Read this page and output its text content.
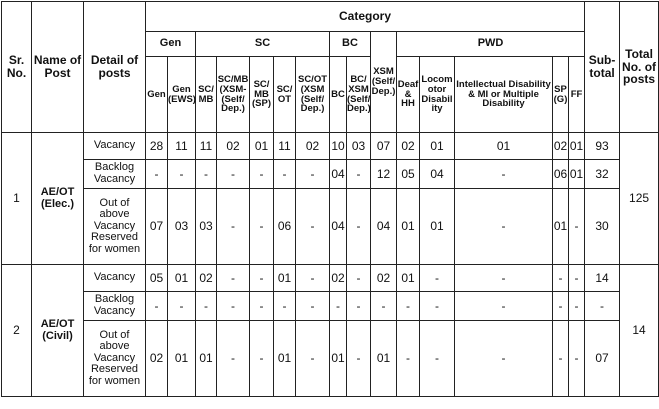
Sr. No.	Name of Post	Detail of posts	Category															Sub-total	Total No. of posts
			Gen		SC					BC		XSM (Self/ Dep.)	PWD						
			Gen	Gen (EWS)	SC/ MB	SC/MB (XSM- (Self/ Dep.)	SC/ MB (SP)	SC/ OT	SC/OT (XSM (Self/ Dep.)	BC	BC/ XSM (Self/ Dep.)		Deaf & HH	Locom otor Disabil ity	Intellectual Disability & MI or Multiple Disability	SP (G)	FF		
1	AE/OT (Elec.)	Vacancy	28	11	11	02	01	11	02	10	03	07	02	01	01	02	01	93	125
		Backlog Vacancy	-	-	-	-	-	-	-	04	-	12	05	04	-	06	01	32	
		Out of above Vacancy Reserved for women	07	03	03	-	-	06	-	04	-	04	01	01	-	01	-	30	
2	AE/OT (Civil)	Vacancy	05	01	02	-	-	01	-	02	-	02	01	-	-	-	-	14	14
		Backlog Vacancy	-	-	-	-	-	-	-	-	-	-	-	-	-	-	-	-	
		Out of above Vacancy Reserved for women	02	01	01	-	-	01	-	01	-	01	-	-	-	-	-	07	
